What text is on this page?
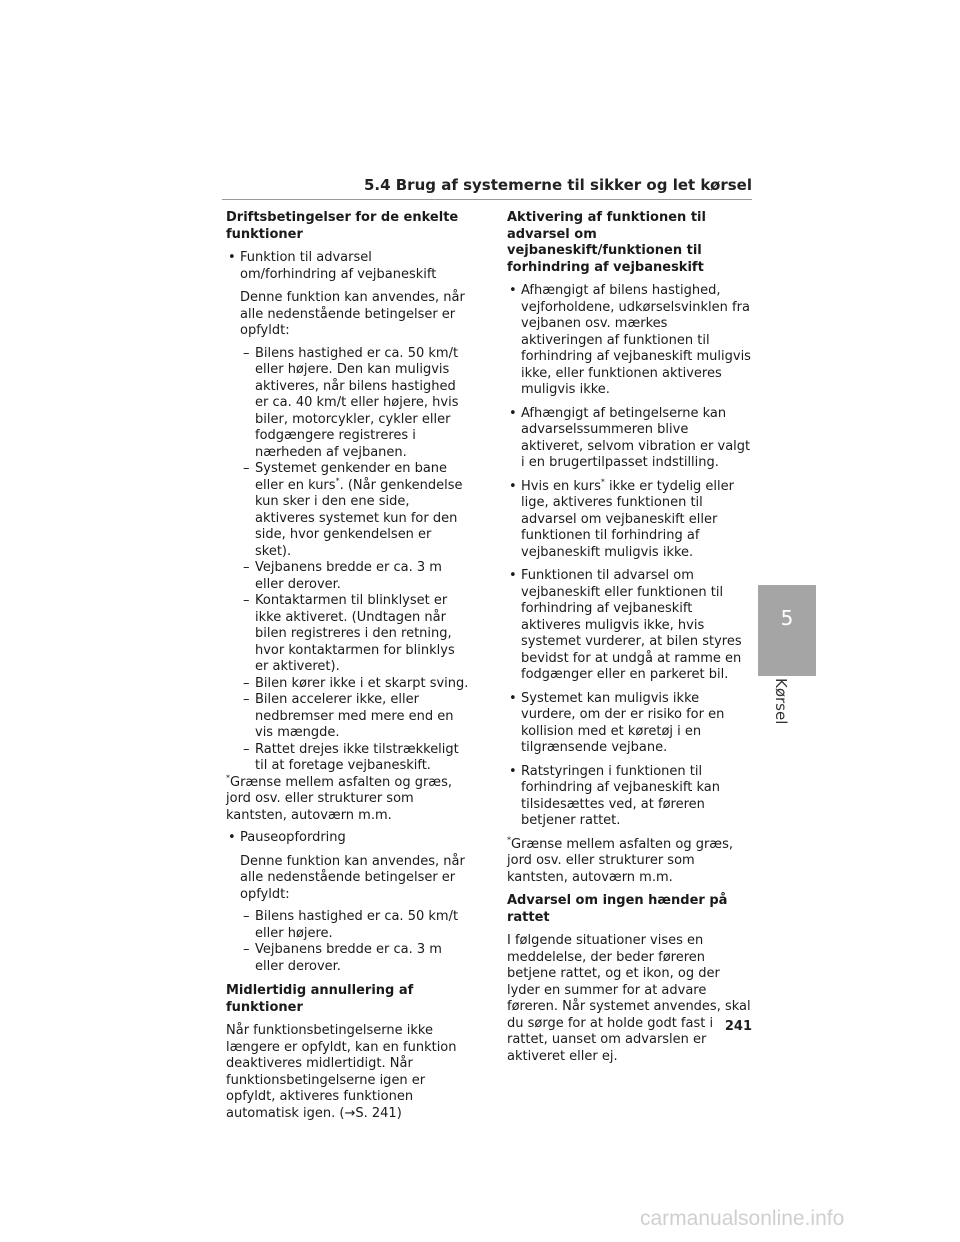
5.4 Brug af systemerne til sikker og let kørsel
Driftsbetingelser for de enkelte funktioner
• Funktion til advarsel om/forhindring af vejbaneskift

Denne funktion kan anvendes, når alle nedenstående betingelser er opfyldt:

– Bilens hastighed er ca. 50 km/t eller højere. Den kan muligvis aktiveres, når bilens hastighed er ca. 40 km/t eller højere, hvis biler, motorcykler, cykler eller fodgængere registreres i nærheden af vejbanen.
– Systemet genkender en bane eller en kurs*. (Når genkendelse kun sker i den ene side, aktiveres systemet kun for den side, hvor genkendelsen er sket).
– Vejbanens bredde er ca. 3 m eller derover.
– Kontaktarmen til blinklyset er ikke aktiveret. (Undtagen når bilen registreres i den retning, hvor kontaktarmen for blinklys er aktiveret).
– Bilen kører ikke i et skarpt sving.
– Bilen accelerer ikke, eller nedbremser med mere end en vis mængde.
– Rattet drejes ikke tilstrækkeligt til at foretage vejbaneskift.

*Grænse mellem asfalten og græs, jord osv. eller strukturer som kantsten, autoværn m.m.

• Pauseopfordring

Denne funktion kan anvendes, når alle nedenstående betingelser er opfyldt:

– Bilens hastighed er ca. 50 km/t eller højere.
– Vejbanens bredde er ca. 3 m eller derover.
Midlertidig annullering af funktioner

Når funktionsbetingelserne ikke længere er opfyldt, kan en funktion deaktiveres midlertidigt. Når funktionsbetingelserne igen er opfyldt, aktiveres funktionen automatisk igen. (→S. 241)

Aktivering af funktionen til advarsel om vejbaneskift/funktionen til forhindring af vejbaneskift
• Afhængigt af bilens hastighed, vejforholdene, udkørselsvinklen fra vejbanen osv. mærkes aktiveringen af funktionen til forhindring af vejbaneskift muligvis ikke, eller funktionen aktiveres muligvis ikke.
• Afhængigt af betingelserne kan advarselssummeren blive aktiveret, selvom vibration er valgt i en brugertilpasset indstilling.
• Hvis en kurs* ikke er tydelig eller lige, aktiveres funktionen til advarsel om vejbaneskift eller funktionen til forhindring af vejbaneskift muligvis ikke.
• Funktionen til advarsel om vejbaneskift eller funktionen til forhindring af vejbaneskift aktiveres muligvis ikke, hvis systemet vurderer, at bilen styres bevidst for at undgå at ramme en fodgænger eller en parkeret bil.
• Systemet kan muligvis ikke vurdere, om der er risiko for en kollision med et køretøj i en tilgrænsende vejbane.
• Ratstyringen i funktionen til forhindring af vejbaneskift kan tilsidesættes ved, at føreren betjener rattet.

*Grænse mellem asfalten og græs, jord osv. eller strukturer som kantsten, autoværn m.m.

Advarsel om ingen hænder på rattet

I følgende situationer vises en meddelelse, der beder føreren betjene rattet, og et ikon, og der lyder en summer for at advare føreren. Når systemet anvendes, skal du sørge for at holde godt fast i rattet, uanset om advarslen er aktiveret eller ej.

5
Kørsel
241
carmanualsonline.info
